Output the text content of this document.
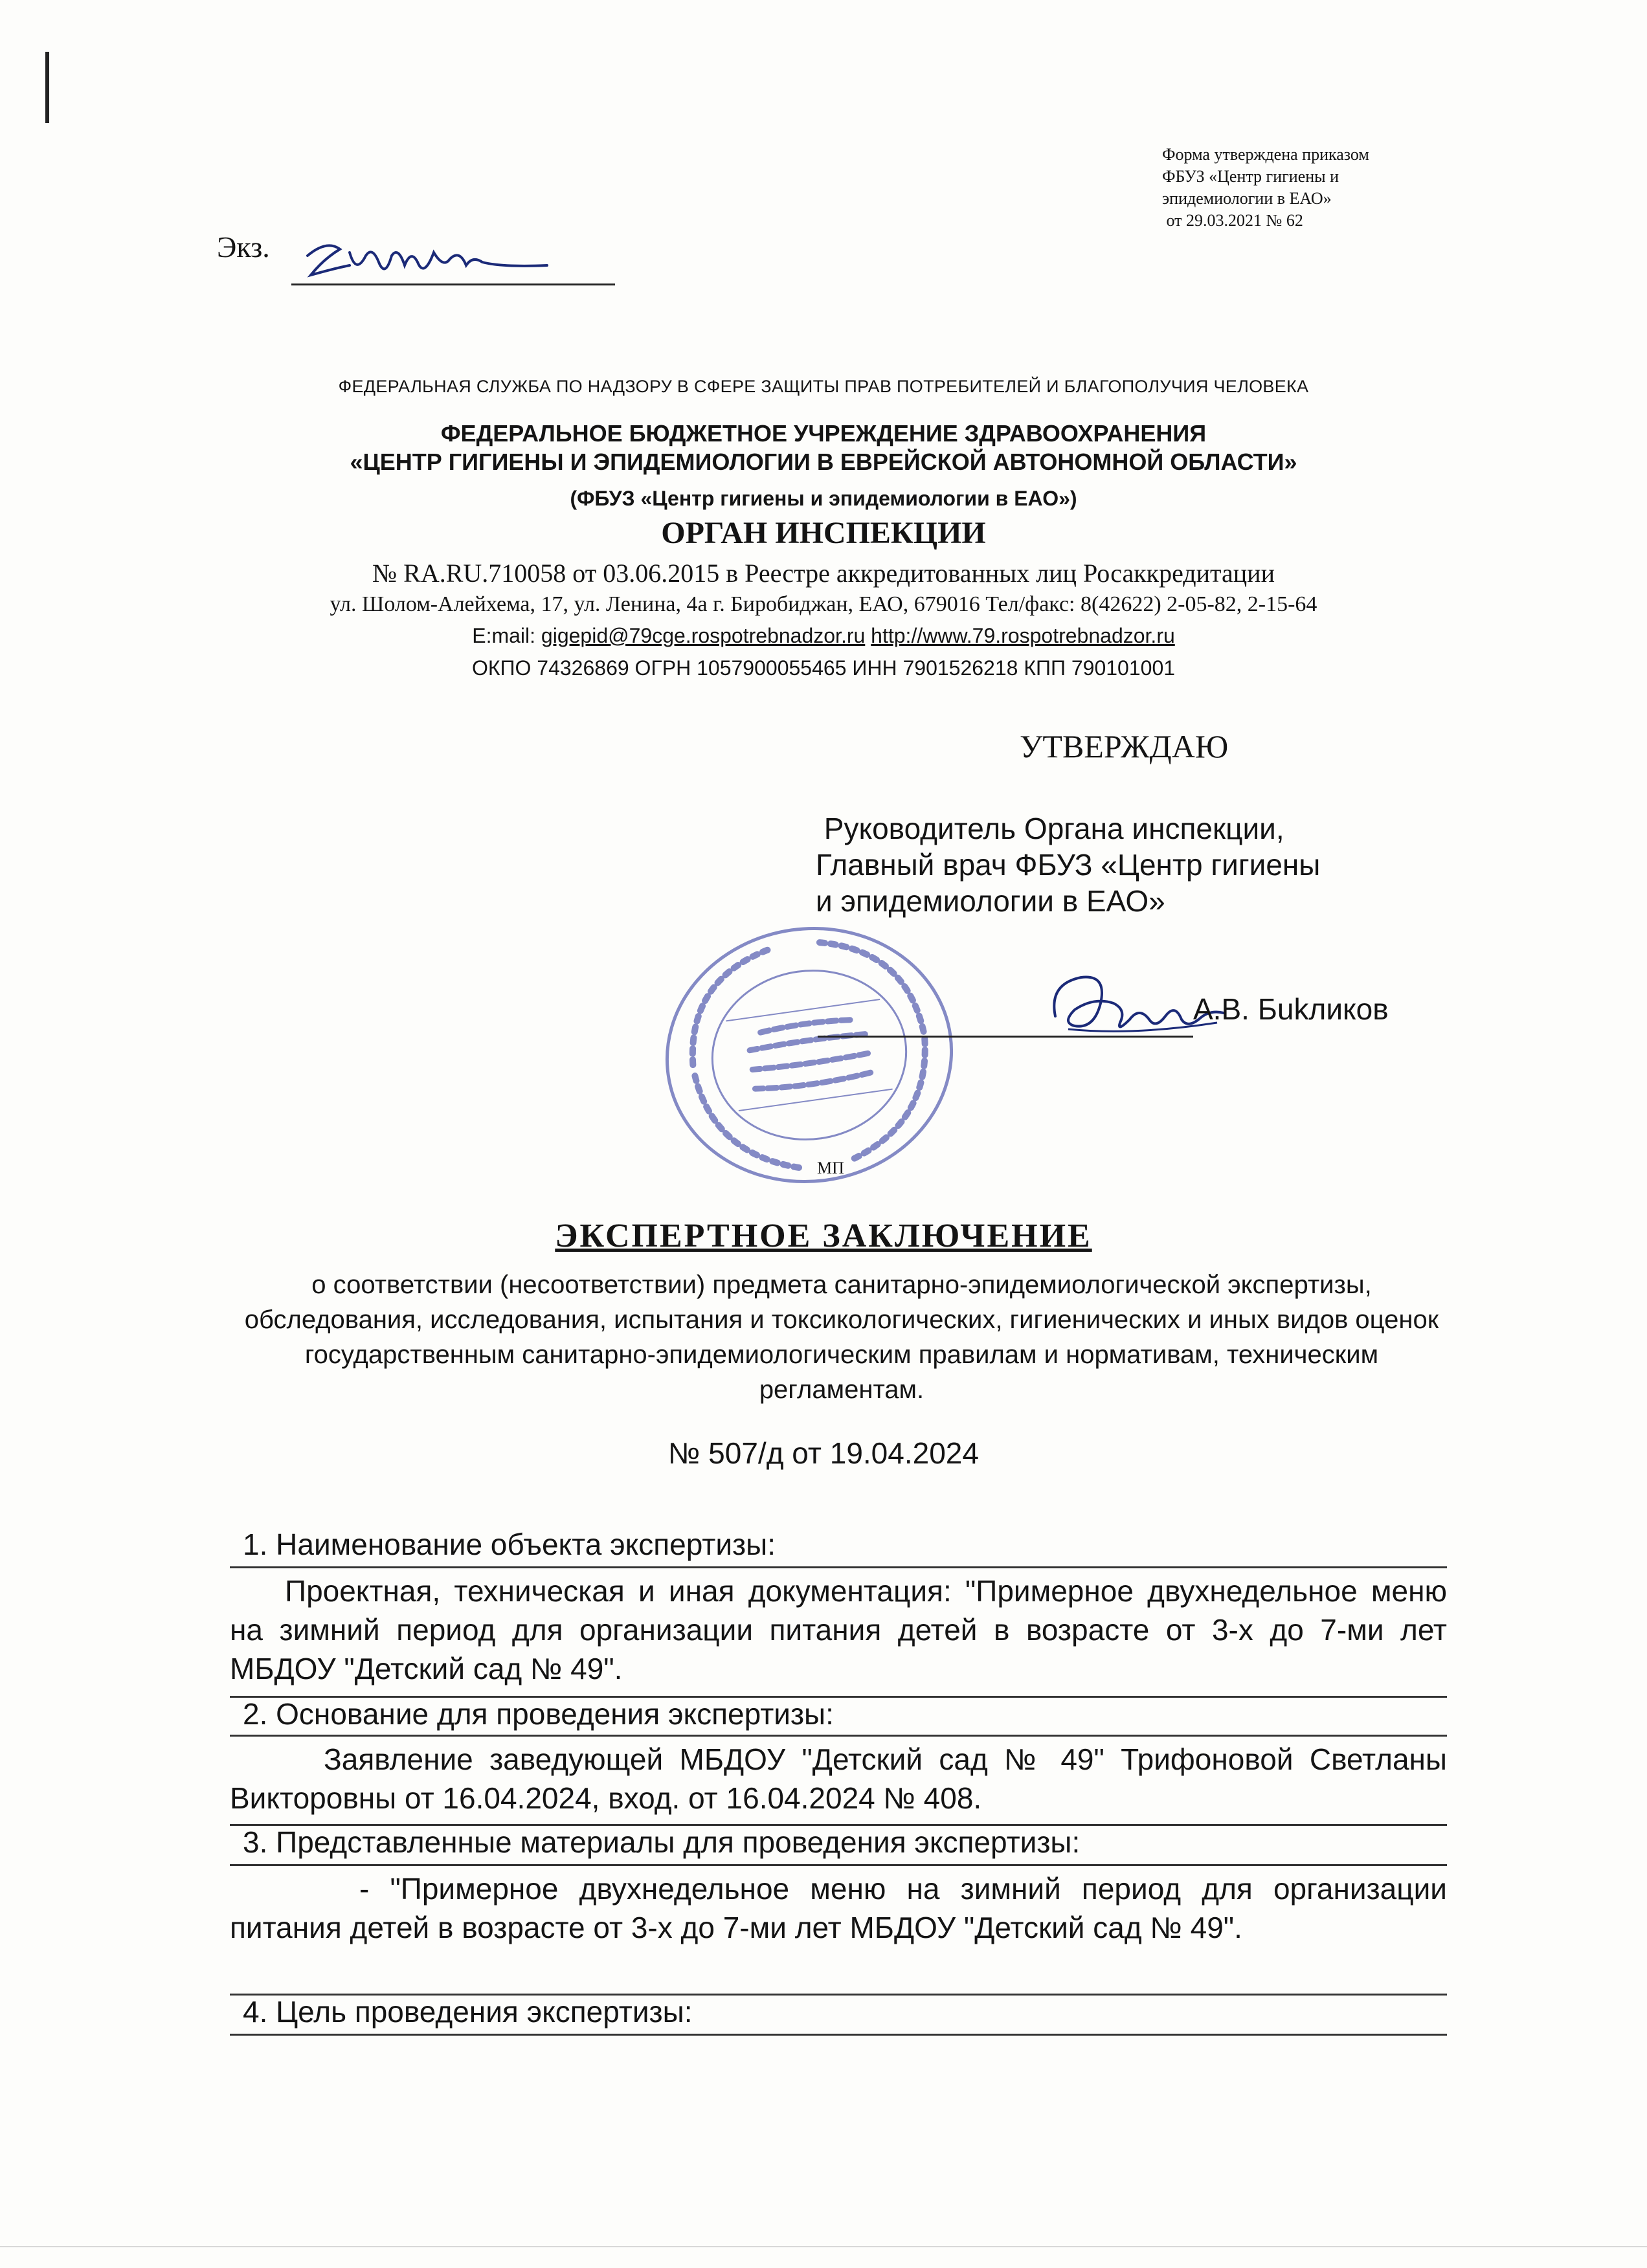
Форма утверждена приказом
ФБУЗ «Центр гигиены и
эпидемиологии в ЕАО»
от 29.03.2021 № 62
Экз.
ФЕДЕРАЛЬНАЯ СЛУЖБА ПО НАДЗОРУ В СФЕРЕ ЗАЩИТЫ ПРАВ ПОТРЕБИТЕЛЕЙ И БЛАГОПОЛУЧИЯ ЧЕЛОВЕКА
ФЕДЕРАЛЬНОЕ БЮДЖЕТНОЕ УЧРЕЖДЕНИЕ ЗДРАВООХРАНЕНИЯ
«ЦЕНТР ГИГИЕНЫ И ЭПИДЕМИОЛОГИИ В ЕВРЕЙСКОЙ АВТОНОМНОЙ ОБЛАСТИ»
(ФБУЗ «Центр гигиены и эпидемиологии в ЕАО»)
ОРГАН ИНСПЕКЦИИ
№ RA.RU.710058 от 03.06.2015 в Реестре аккредитованных лиц Росаккредитации
ул. Шолом-Алейхема, 17, ул. Ленина, 4а г. Биробиджан, ЕАО, 679016 Тел/факс: 8(42622) 2-05-82, 2-15-64
E:mail: gigepid@79cge.rospotrebnadzor.ru http://www.79.rospotrebnadzor.ru
ОКПО 74326869 ОГРН 1057900055465 ИНН 7901526218 КПП 790101001
УТВЕРЖДАЮ
Руководитель Органа инспекции,
Главный врач ФБУЗ «Центр гигиены
и эпидемиологии в ЕАО»
МП
А.В. Бukликов
ЭКСПЕРТНОЕ ЗАКЛЮЧЕНИЕ
о соответствии (несоответствии) предмета санитарно-эпидемиологической экспертизы, обследования, исследования, испытания и токсикологических, гигиенических и иных видов оценок государственным санитарно-эпидемиологическим правилам и нормативам, техническим регламентам.
№ 507/д от 19.04.2024
1. Наименование объекта экспертизы:
Проектная, техническая и иная документация: "Примерное двухнедельное меню на зимний период для организации питания детей в возрасте от 3-х до 7-ми лет МБДОУ "Детский сад № 49".
2. Основание для проведения экспертизы:
Заявление заведующей МБДОУ "Детский сад № 49" Трифоновой Светланы Викторовны от 16.04.2024, вход. от 16.04.2024 № 408.
3. Представленные материалы для проведения экспертизы:
- "Примерное двухнедельное меню на зимний период для организации питания детей в возрасте от 3-х до 7-ми лет МБДОУ "Детский сад № 49".
4. Цель проведения экспертизы:
